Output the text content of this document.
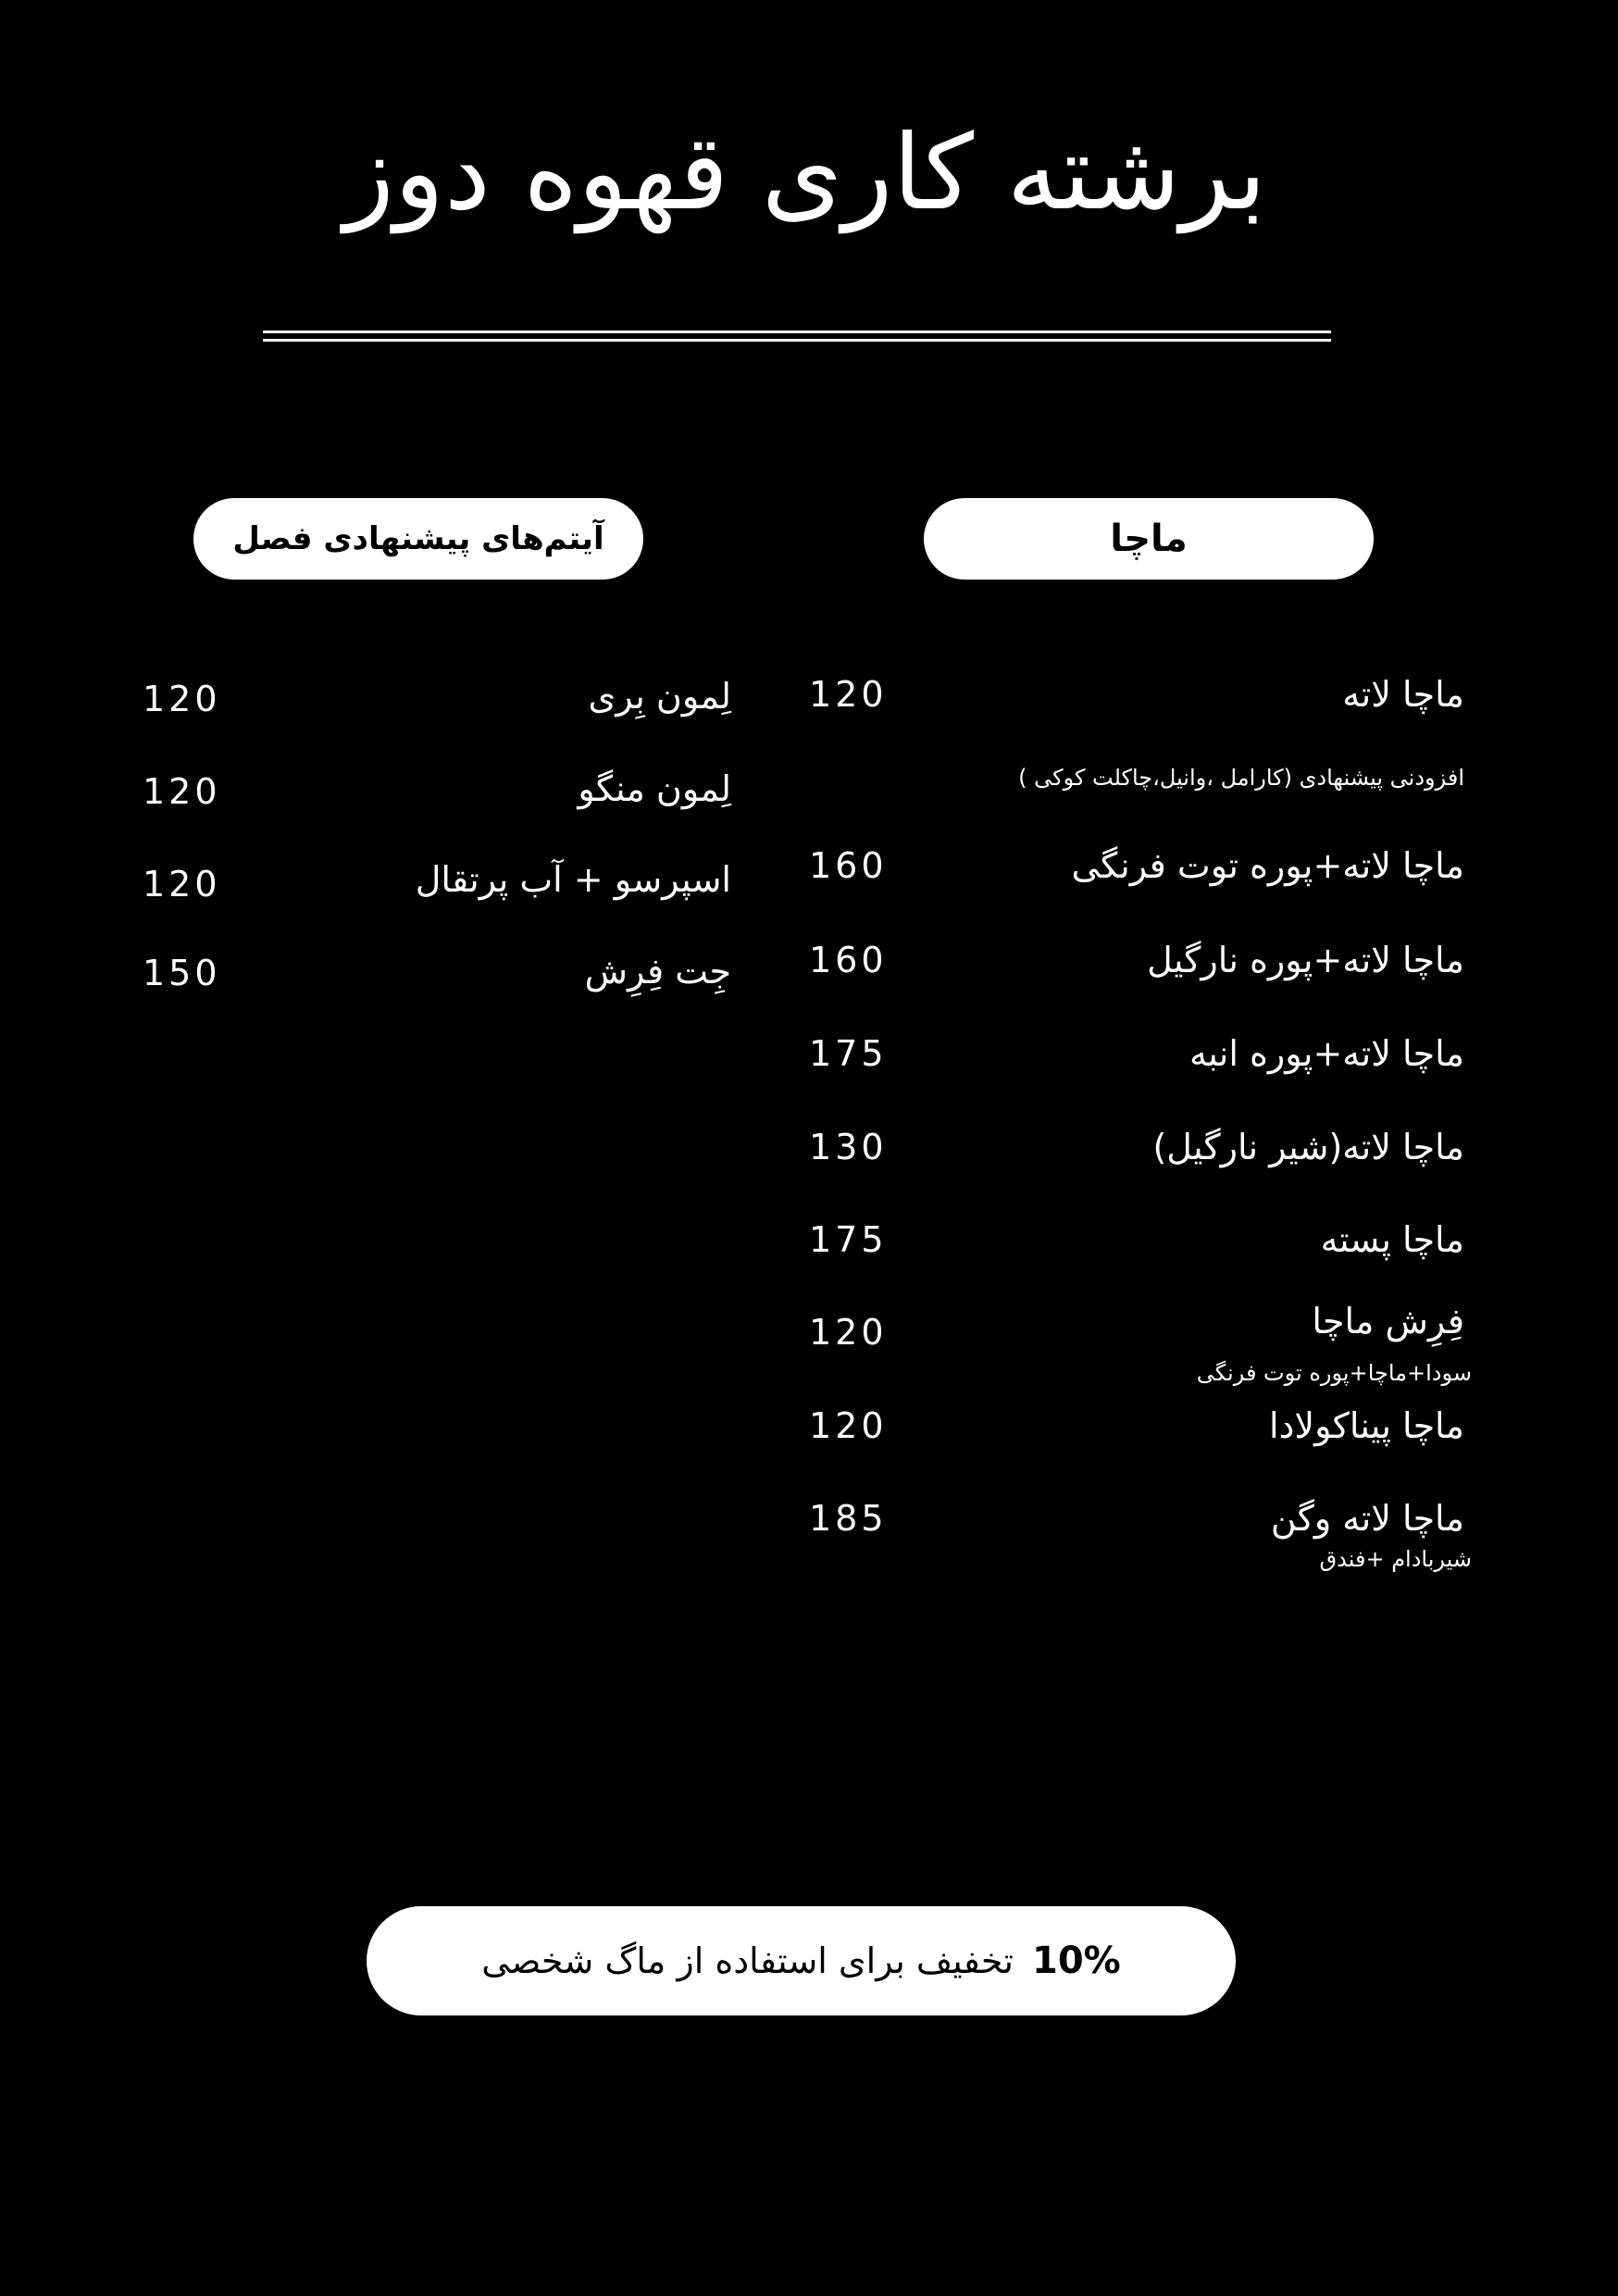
برشته کاری قهوه دوز
ماچا
آیتم‌های پیشنهادی فصل
ماچا لاته
120
افزودنی پیشنهادی (کارامل ،وانیل،چاکلت کوکی )
ماچا لاته+پوره توت فرنگی
160
ماچا لاته+پوره نارگیل
160
ماچا لاته+پوره انبه
175
ماچا لاته(شیر نارگیل)
130
ماچا پسته
175
فِرِش ماچا
سودا+ماچا+پوره توت فرنگی
120
ماچا پیناکولادا
120
ماچا لاته وگن
شیربادام +فندق
185
لِمون بِری
120
لِمون منگو
120
اسپرسو + آب پرتقال
120
جِت فِرِش
150
10%
تخفیف برای استفاده از ماگ شخصی
